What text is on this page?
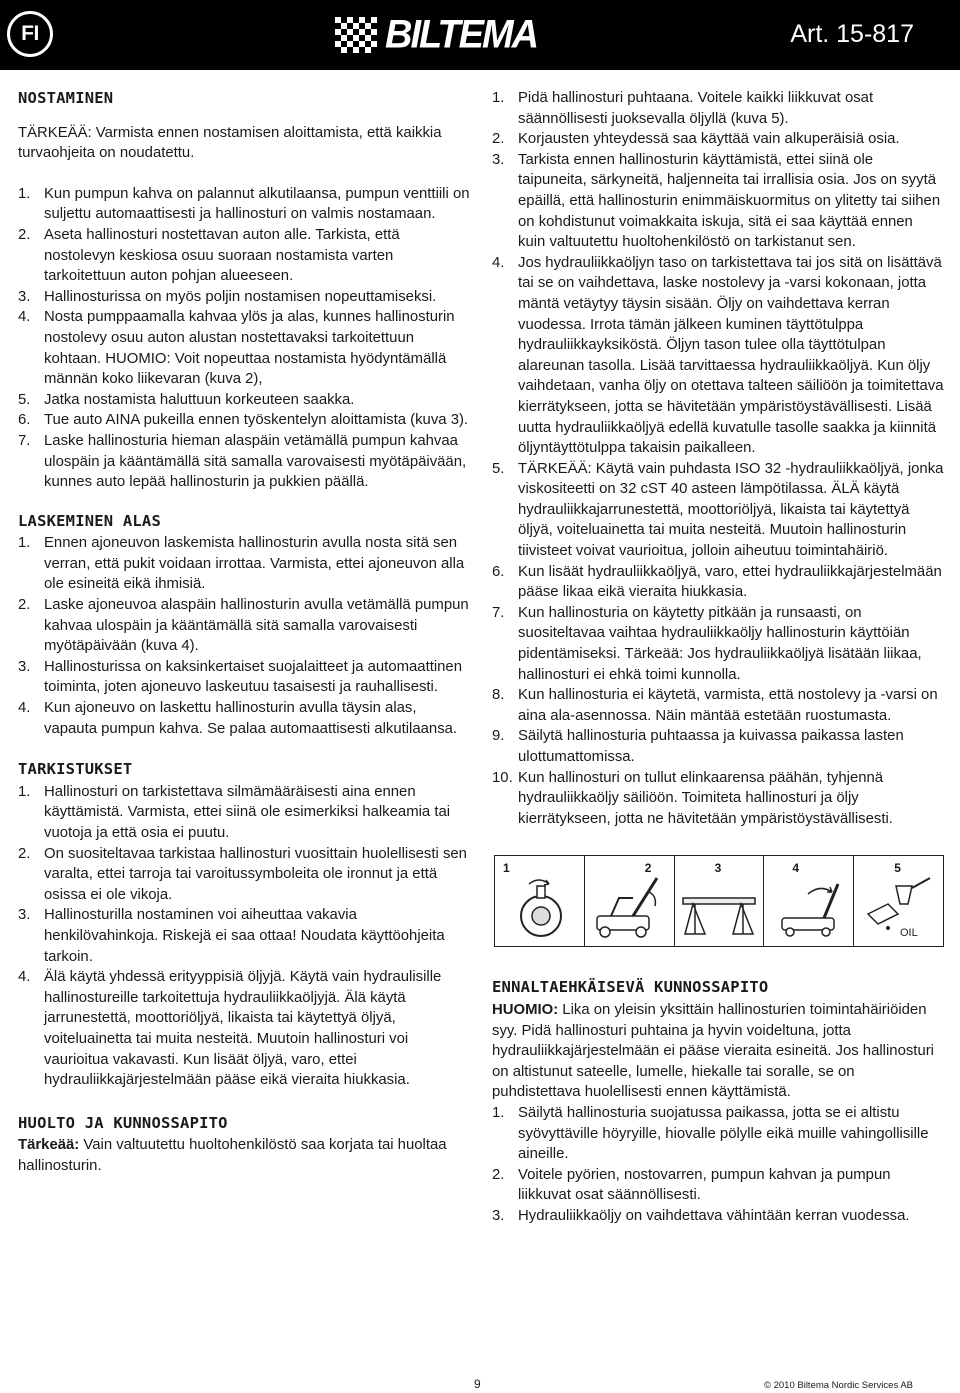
FI	BILTEMA	Art. 15-817
NOSTAMINEN

TÄRKEÄÄ: Varmista ennen nostamisen aloittamista, että kaikkia turvaohjeita on noudatettu.

1. Kun pumpun kahva on palannut alkutilaansa, pumpun venttiili on suljettu automaattisesti ja hallinosturi on valmis nostamaan.
2. Aseta hallinosturi nostettavan auton alle. Tarkista, että nostolevyn keskiosa osuu suoraan nostamista varten tarkoitettuun auton pohjan alueeseen.
3. Hallinosturissa on myös poljin nostamisen nopeuttamiseksi.
4. Nosta pumppaamalla kahvaa ylös ja alas, kunnes hallinosturin nostolevy osuu auton alustan nostettavaksi tarkoitettuun kohtaan. HUOMIO: Voit nopeuttaa nostamista hyödyntämällä männän koko liikevaran (kuva 2),
5. Jatka nostamista haluttuun korkeuteen saakka.
6. Tue auto AINA pukeilla ennen työskentelyn aloittamista (kuva 3).
7. Laske hallinosturia hieman alaspäin vetämällä pumpun kahvaa ulospäin ja kääntämällä sitä samalla varovaisesti myötäpäivään, kunnes auto lepää hallinosturin ja pukkien päällä.
LASKEMINEN ALAS
1. Ennen ajoneuvon laskemista hallinosturin avulla nosta sitä sen verran, että pukit voidaan irrottaa. Varmista, ettei ajoneuvon alla ole esineitä eikä ihmisiä.
2. Laske ajoneuvoa alaspäin hallinosturin avulla vetämällä pumpun kahvaa ulospäin ja kääntämällä sitä samalla varovaisesti myötäpäivään (kuva 4).
3. Hallinosturissa on kaksinkertaiset suojalaitteet ja automaattinen toiminta, joten ajoneuvo laskeutuu tasaisesti ja rauhallisesti.
4. Kun ajoneuvo on laskettu hallinosturin avulla täysin alas, vapauta pumpun kahva. Se palaa automaattisesti alkutilaansa.
TARKISTUKSET
1. Hallinosturi on tarkistettava silmämääräisesti aina ennen käyttämistä. Varmista, ettei siinä ole esimerkiksi halkeamia tai vuotoja ja että osia ei puutu.
2. On suositeltavaa tarkistaa hallinosturi vuosittain huolellisesti sen varalta, ettei tarroja tai varoitussymboleita ole ironnut ja että osissa ei ole vikoja.
3. Hallinosturilla nostaminen voi aiheuttaa vakavia henkilövahinkoja. Riskejä ei saa ottaa! Noudata käyttöohjeita tarkoin.
4. Älä käytä yhdessä erityyppisiä öljyjä. Käytä vain hydraulisille hallinostureille tarkoitettuja hydrauliikkaöljyjä. Älä käytä jarrunestettä, moottoriöljyä, likaista tai käytettyä öljyä, voiteluainetta tai muita nesteitä. Muutoin hallinosturi voi vaurioitua vakavasti. Kun lisäät öljyä, varo, ettei hydrauliikkajärjestelmään pääse eikä vieraita hiukkasia.
HUOLTO JA KUNNOSSAPITO

Tärkeää: Vain valtuutettu huoltohenkilöstö saa korjata tai huoltaa hallinosturin.

1. Pidä hallinosturi puhtaana. Voitele kaikki liikkuvat osat säännöllisesti juoksevalla öljyllä (kuva 5).
2. Korjausten yhteydessä saa käyttää vain alkuperäisiä osia.
3. Tarkista ennen hallinosturin käyttämistä, ettei siinä ole taipuneita, särkyneitä, haljenneita tai irrallisia osia. Jos on syytä epäillä, että hallinosturin enimmäiskuormitus on ylitetty tai siihen on kohdistunut voimakkaita iskuja, sitä ei saa käyttää ennen kuin valtuutettu huoltohenkilöstö on tarkistanut sen.
4. Jos hydrauliikkaöljyn taso on tarkistettava tai jos sitä on lisättävä tai se on vaihdettava, laske nostolevy ja -varsi kokonaan, jotta mäntä vetäytyy täysin sisään. Öljy on vaihdettava kerran vuodessa. Irrota tämän jälkeen kuminen täyttötulppa hydrauliikkayksiköstä. Öljyn tason tulee olla täyttötulpan alareunan tasolla. Lisää tarvittaessa hydrauliikkaöljyä. Kun öljy vaihdetaan, vanha öljy on otettava talteen säiliöön ja toimitettava kierrätykseen, jotta se hävitetään ympäristöystävällisesti. Lisää uutta hydrauliikkaöljyä edellä kuvatulle tasolle saakka ja kiinnitä öljyntäyttötulppa takaisin paikalleen.
5. TÄRKEÄÄ: Käytä vain puhdasta ISO 32 -hydrauliikkaöljyä, jonka viskositeetti on 32 cST 40 asteen lämpötilassa. ÄLÄ käytä hydrauliikkajarrunestettä, moottoriöljyä, likaista tai käytettyä öljyä, voiteluainetta tai muita nesteitä. Muutoin hallinosturin tiivisteet voivat vaurioitua, jolloin aiheutuu toimintahäiriö.
6. Kun lisäät hydrauliikkaöljyä, varo, ettei hydrauliikkajärjestelmään pääse likaa eikä vieraita hiukkasia.
7. Kun hallinosturia on käytetty pitkään ja runsaasti, on suositeltavaa vaihtaa hydrauliikkaöljy hallinosturin käyttöiän pidentämiseksi. Tärkeää: Jos hydrauliikkaöljyä lisätään liikaa, hallinosturi ei ehkä toimi kunnolla.
8. Kun hallinosturia ei käytetä, varmista, että nostolevy ja -varsi on aina ala-asennossa. Näin mäntää estetään ruostumasta.
9. Säilytä hallinosturia puhtaassa ja kuivassa paikassa lasten ulottumattomissa.
10. Kun hallinosturi on tullut elinkaarensa päähän, tyhjennä hydrauliikkaöljy säiliöön. Toimiteta hallinosturi ja öljy kierrätykseen, jotta ne hävitetään ympäristöystävällisesti.
1	2	3	4	5
OIL
ENNALTAEHKÄISEVÄ KUNNOSSAPITO

HUOMIO: Lika on yleisin yksittäin hallinosturien toimintahäiriöiden syy. Pidä hallinosturi puhtaina ja hyvin voideltuna, jotta hydrauliikkajärjestelmään ei pääse vieraita esineitä. Jos hallinosturi on altistunut sateelle, lumelle, hiekalle tai soralle, se on puhdistettava huolellisesti ennen käyttämistä.

1. Säilytä hallinosturia suojatussa paikassa, jotta se ei altistu syövyttäville höyryille, hiovalle pölylle eikä muille vahingollisille aineille.
2. Voitele pyörien, nostovarren, pumpun kahvan ja pumpun liikkuvat osat säännöllisesti.
3. Hydrauliikkaöljy on vaihdettava vähintään kerran vuodessa.
9	© 2010 Biltema Nordic Services AB
